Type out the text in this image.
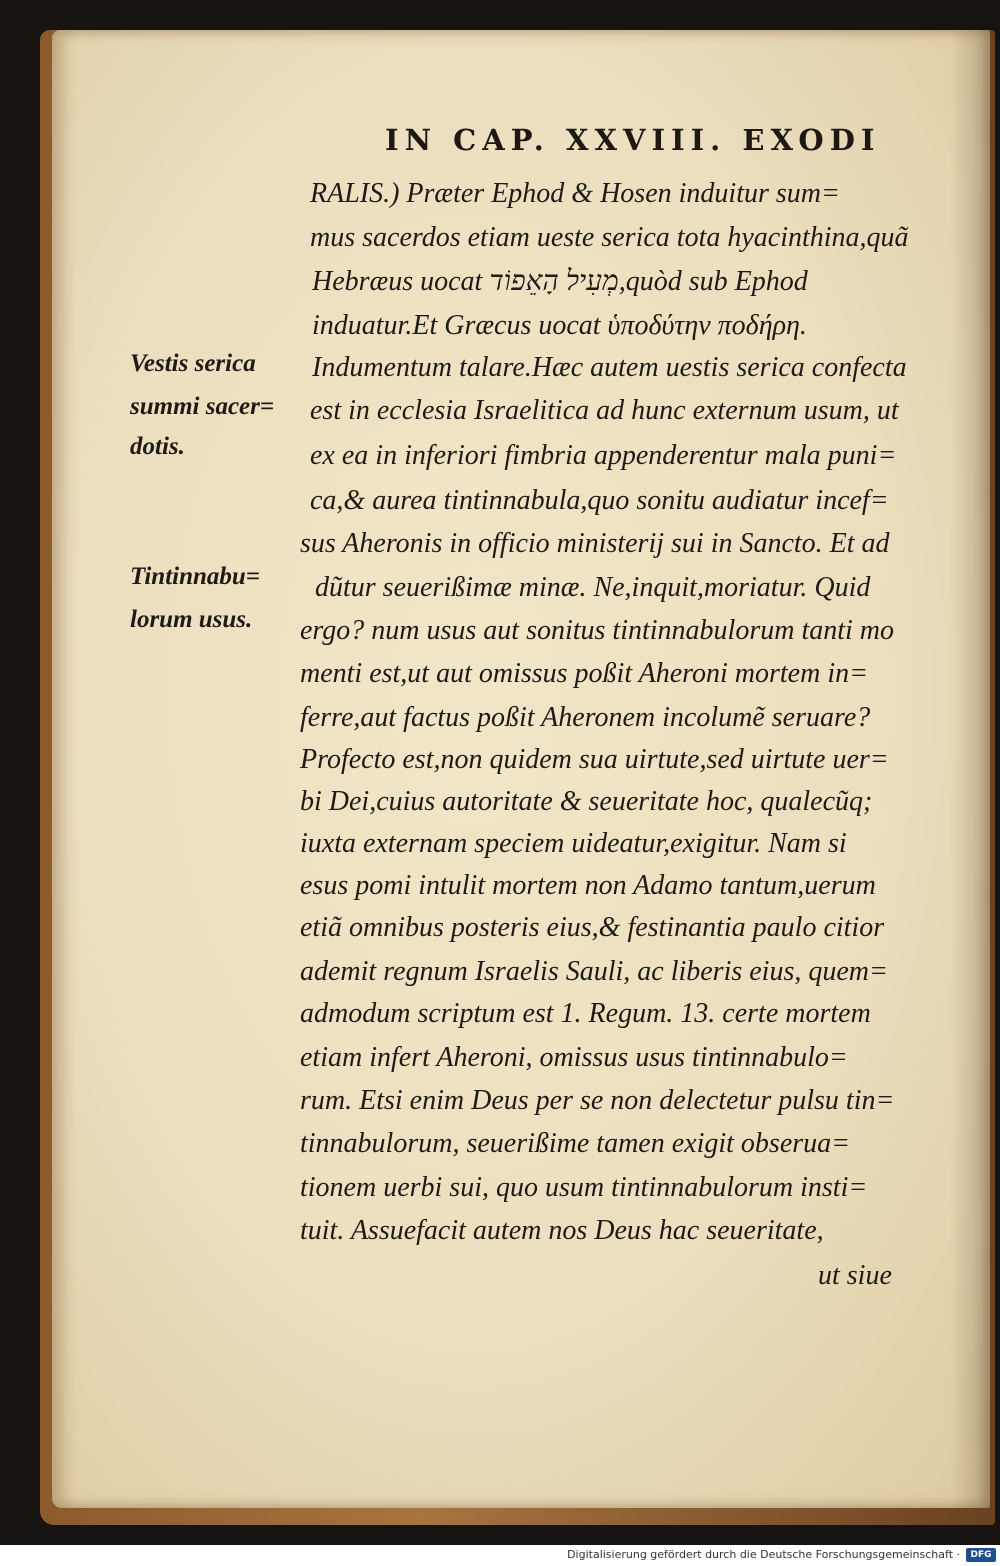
IN CAP. XXVIII. EXODI
RALIS.) Præter Ephod & Hosen induitur sum=
mus sacerdos etiam ueste serica tota hyacinthina,quã
Hebræus uocat מְעִיל הָאֵפוֹד,quòd sub Ephod
induatur.Et Græcus uocat ὑποδύτην ποδήρη.
Indumentum talare.Hæc autem uestis serica confecta
est in ecclesia Israelitica ad hunc externum usum, ut
ex ea in inferiori fimbria appenderentur mala puni=
ca,& aurea tintinnabula,quo sonitu audiatur incef=
sus Aheronis in officio ministerij sui in Sancto. Et ad
dũtur seuerißimæ minæ. Ne,inquit,moriatur. Quid
ergo? num usus aut sonitus tintinnabulorum tanti mo
menti est,ut aut omissus poßit Aheroni mortem in=
ferre,aut factus poßit Aheronem incolumẽ seruare?
Profecto est,non quidem sua uirtute,sed uirtute uer=
bi Dei,cuius autoritate & seueritate hoc, qualecũq;
iuxta externam speciem uideatur,exigitur. Nam si
esus pomi intulit mortem non Adamo tantum,uerum
etiã omnibus posteris eius,& festinantia paulo citior
ademit regnum Israelis Sauli, ac liberis eius, quem=
admodum scriptum est 1. Regum. 13. certe mortem
etiam infert Aheroni, omissus usus tintinnabulo=
rum. Etsi enim Deus per se non delectetur pulsu tin=
tinnabulorum, seuerißime tamen exigit obserua=
tionem uerbi sui, quo usum tintinnabulorum insti=
tuit. Assuefacit autem nos Deus hac seueritate,
ut siue
Vestis serica
summi sacer=
dotis.
Tintinnabu=
lorum usus.
Digitalisierung gefördert durch die Deutsche Forschungsgemeinschaft ·	DFG
